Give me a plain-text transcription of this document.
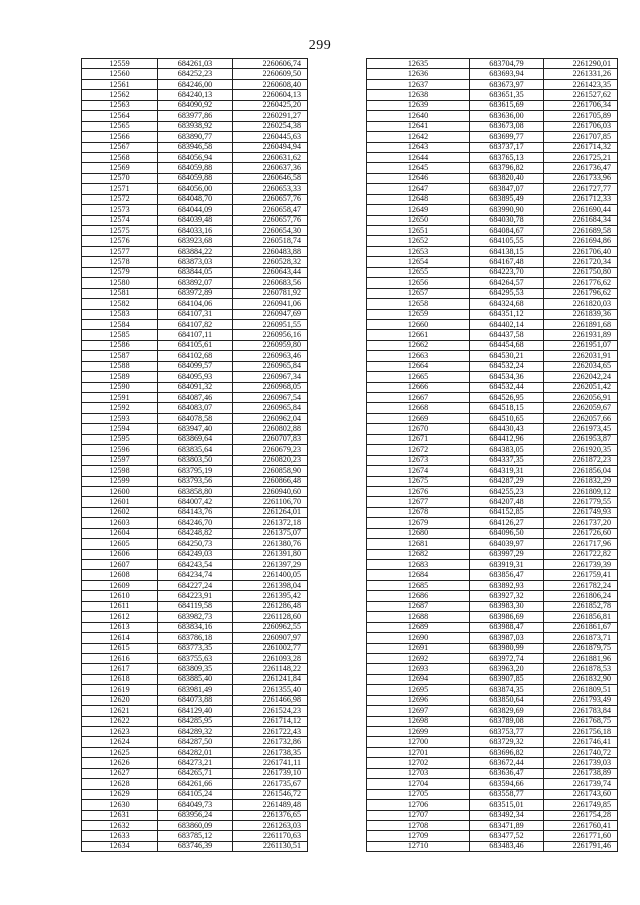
299
12559	684261,03	2260606,74
12560	684252,23	2260609,50
12561	684246,00	2260608,40
12562	684240,13	2260604,13
12563	684090,92	2260425,20
12564	683977,86	2260291,27
12565	683938,92	2260254,38
12566	683890,77	2260445,63
12567	683946,58	2260494,94
12568	684056,94	2260631,62
12569	684059,88	2260637,36
12570	684059,88	2260646,58
12571	684056,00	2260653,33
12572	684048,70	2260657,76
12573	684044,09	2260658,47
12574	684039,48	2260657,76
12575	684033,16	2260654,30
12576	683923,68	2260518,74
12577	683884,22	2260483,88
12578	683873,03	2260528,32
12579	683844,05	2260643,44
12580	683892,07	2260683,56
12581	683972,89	2260781,92
12582	684104,06	2260941,06
12583	684107,31	2260947,69
12584	684107,82	2260951,55
12585	684107,11	2260956,16
12586	684105,61	2260959,80
12587	684102,68	2260963,46
12588	684099,57	2260965,84
12589	684095,93	2260967,34
12590	684091,32	2260968,05
12591	684087,46	2260967,54
12592	684083,07	2260965,84
12593	684078,58	2260962,04
12594	683947,40	2260802,88
12595	683869,64	2260707,83
12596	683835,64	2260679,23
12597	683803,50	2260820,23
12598	683795,19	2260858,90
12599	683793,56	2260866,48
12600	683858,80	2260940,60
12601	684007,42	2261106,70
12602	684143,76	2261264,01
12603	684246,70	2261372,18
12604	684248,82	2261375,07
12605	684250,73	2261380,76
12606	684249,03	2261391,80
12607	684243,54	2261397,29
12608	684234,74	2261400,05
12609	684227,24	2261398,04
12610	684223,91	2261395,42
12611	684119,58	2261286,48
12612	683982,73	2261128,60
12613	683834,16	2260962,55
12614	683786,18	2260907,97
12615	683773,35	2261002,77
12616	683755,63	2261093,28
12617	683809,35	2261148,22
12618	683885,40	2261241,84
12619	683981,49	2261355,40
12620	684073,88	2261466,98
12621	684129,40	2261524,23
12622	684285,95	2261714,12
12623	684289,32	2261722,43
12624	684287,50	2261732,86
12625	684282,01	2261738,35
12626	684273,21	2261741,11
12627	684265,71	2261739,10
12628	684261,66	2261735,67
12629	684105,24	2261546,72
12630	684049,73	2261489,48
12631	683956,24	2261376,65
12632	683860,09	2261263,03
12633	683785,12	2261170,63
12634	683746,39	2261130,51
12635	683704,79	2261290,01
12636	683693,94	2261331,26
12637	683673,97	2261423,35
12638	683651,35	2261527,62
12639	683615,69	2261706,34
12640	683636,00	2261705,89
12641	683673,08	2261706,03
12642	683699,77	2261707,85
12643	683737,17	2261714,32
12644	683765,13	2261725,21
12645	683796,82	2261736,47
12646	683820,40	2261733,96
12647	683847,07	2261727,77
12648	683895,49	2261712,33
12649	683990,90	2261690,44
12650	684030,78	2261684,34
12651	684084,67	2261689,58
12652	684105,55	2261694,86
12653	684138,15	2261706,40
12654	684167,48	2261720,34
12655	684223,70	2261750,80
12656	684264,57	2261776,62
12657	684295,53	2261796,62
12658	684324,68	2261820,03
12659	684351,12	2261839,36
12660	684402,14	2261891,68
12661	684437,58	2261931,89
12662	684454,68	2261951,07
12663	684530,21	2262031,91
12664	684532,24	2262034,65
12665	684534,36	2262042,24
12666	684532,44	2262051,42
12667	684526,95	2262056,91
12668	684518,15	2262059,67
12669	684510,65	2262057,66
12670	684430,43	2261973,45
12671	684412,96	2261953,87
12672	684383,05	2261920,35
12673	684337,35	2261872,23
12674	684319,31	2261856,04
12675	684287,29	2261832,29
12676	684255,23	2261809,12
12677	684207,48	2261779,55
12678	684152,85	2261749,93
12679	684126,27	2261737,20
12680	684096,50	2261726,60
12681	684039,97	2261717,96
12682	683997,29	2261722,82
12683	683919,31	2261739,39
12684	683856,47	2261759,41
12685	683892,93	2261782,24
12686	683927,32	2261806,24
12687	683983,30	2261852,78
12688	683986,69	2261856,81
12689	683988,47	2261861,67
12690	683987,03	2261873,71
12691	683980,99	2261879,75
12692	683972,74	2261881,96
12693	683963,20	2261878,53
12694	683907,85	2261832,90
12695	683874,35	2261809,51
12696	683850,64	2261793,49
12697	683829,69	2261783,84
12698	683789,08	2261768,75
12699	683753,77	2261756,18
12700	683729,32	2261746,41
12701	683696,82	2261740,72
12702	683672,44	2261739,03
12703	683636,47	2261738,89
12704	683594,66	2261739,74
12705	683558,77	2261743,60
12706	683515,01	2261749,85
12707	683492,34	2261754,28
12708	683471,89	2261760,41
12709	683477,52	2261771,60
12710	683483,46	2261791,46
